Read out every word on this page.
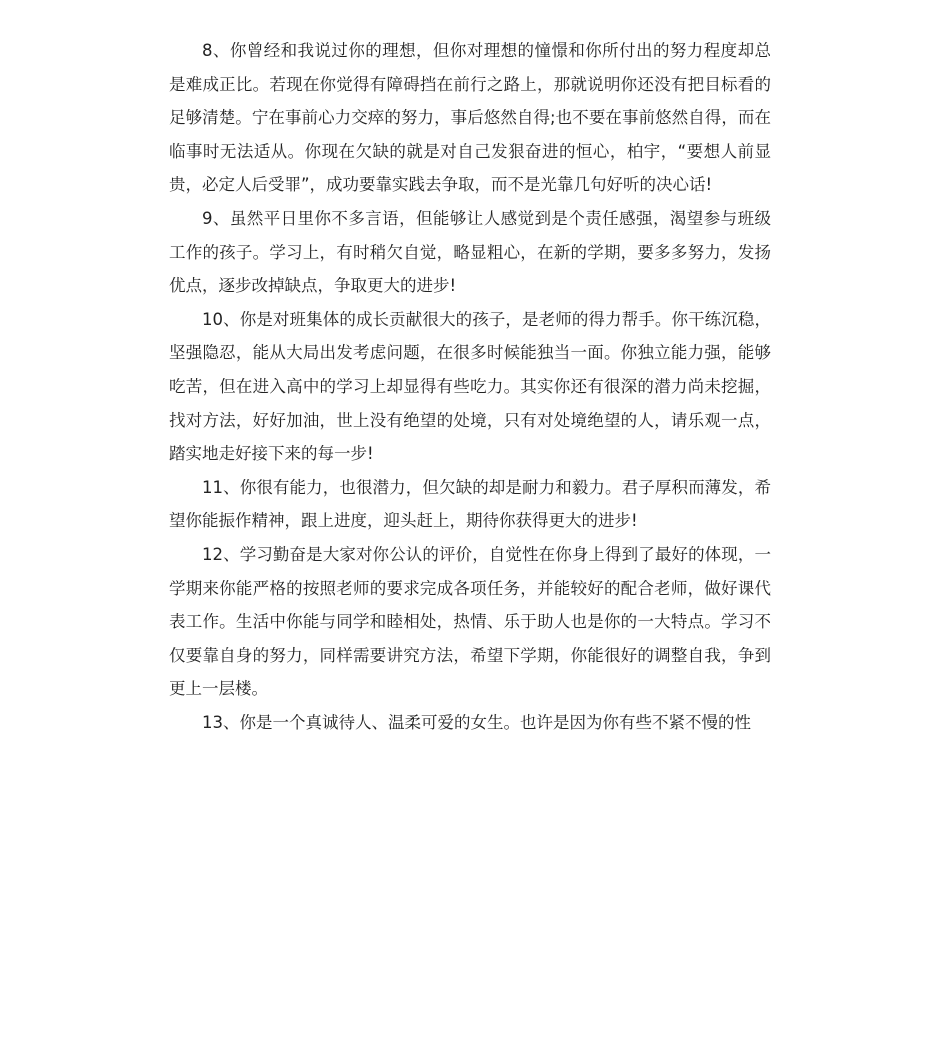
8、你曾经和我说过你的理想，但你对理想的憧憬和你所付出的努力程度却总是难成正比。若现在你觉得有障碍挡在前行之路上，那就说明你还没有把目标看的足够清楚。宁在事前心力交瘁的努力，事后悠然自得;也不要在事前悠然自得，而在临事时无法适从。你现在欠缺的就是对自己发狠奋进的恒心，柏宇，“要想人前显贵，必定人后受罪”，成功要靠实践去争取，而不是光靠几句好听的决心话!

9、虽然平日里你不多言语，但能够让人感觉到是个责任感强，渴望参与班级工作的孩子。学习上，有时稍欠自觉，略显粗心，在新的学期，要多多努力，发扬优点，逐步改掉缺点，争取更大的进步!

10、你是对班集体的成长贡献很大的孩子，是老师的得力帮手。你干练沉稳，坚强隐忍，能从大局出发考虑问题，在很多时候能独当一面。你独立能力强，能够吃苦，但在进入高中的学习上却显得有些吃力。其实你还有很深的潜力尚未挖掘，找对方法，好好加油，世上没有绝望的处境，只有对处境绝望的人，请乐观一点，踏实地走好接下来的每一步!

11、你很有能力，也很潜力，但欠缺的却是耐力和毅力。君子厚积而薄发，希望你能振作精神，跟上进度，迎头赶上，期待你获得更大的进步!

12、学习勤奋是大家对你公认的评价，自觉性在你身上得到了最好的体现，一学期来你能严格的按照老师的要求完成各项任务，并能较好的配合老师，做好课代表工作。生活中你能与同学和睦相处，热情、乐于助人也是你的一大特点。学习不仅要靠自身的努力，同样需要讲究方法，希望下学期，你能很好的调整自我，争到更上一层楼。

13、你是一个真诚待人、温柔可爱的女生。也许是因为你有些不紧不慢的性
